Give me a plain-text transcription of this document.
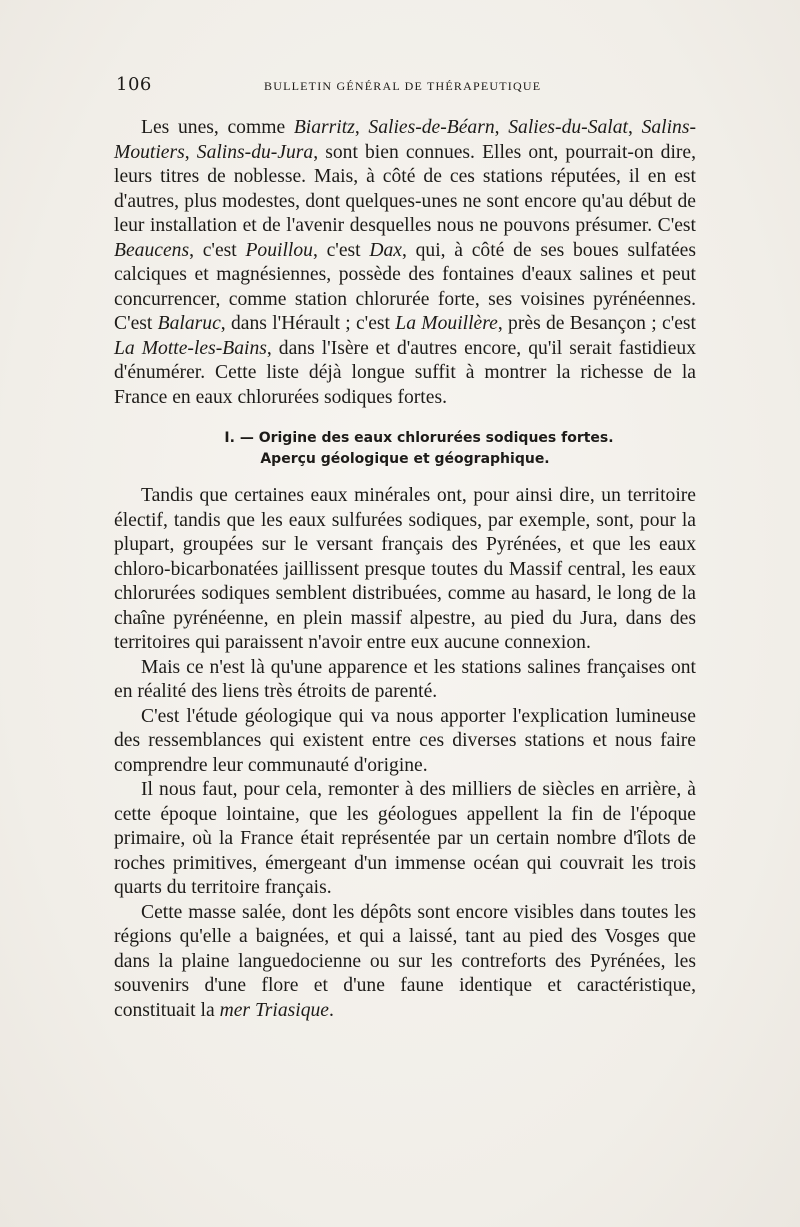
106	BULLETIN GÉNÉRAL DE THÉRAPEUTIQUE

Les unes, comme Biarritz, Salies-de-Béarn, Salies-du-Salat, Salins-Moutiers, Salins-du-Jura, sont bien connues. Elles ont, pourrait-on dire, leurs titres de noblesse. Mais, à côté de ces stations réputées, il en est d'autres, plus modestes, dont quelques-unes ne sont encore qu'au début de leur installation et de l'avenir desquelles nous ne pouvons présumer. C'est Beaucens, c'est Pouillou, c'est Dax, qui, à côté de ses boues sulfatées calciques et magnésiennes, possède des fontaines d'eaux salines et peut concurrencer, comme station chlorurée forte, ses voisines pyrénéennes. C'est Balaruc, dans l'Hérault ; c'est La Mouillère, près de Besançon ; c'est La Motte-les-Bains, dans l'Isère et d'autres encore, qu'il serait fastidieux d'énumérer. Cette liste déjà longue suffit à montrer la richesse de la France en eaux chlorurées sodiques fortes.

I. — Origine des eaux chlorurées sodiques fortes.
Aperçu géologique et géographique.

Tandis que certaines eaux minérales ont, pour ainsi dire, un territoire électif, tandis que les eaux sulfurées sodiques, par exemple, sont, pour la plupart, groupées sur le versant français des Pyrénées, et que les eaux chloro-bicarbonatées jaillissent presque toutes du Massif central, les eaux chlorurées sodiques semblent distribuées, comme au hasard, le long de la chaîne pyrénéenne, en plein massif alpestre, au pied du Jura, dans des territoires qui paraissent n'avoir entre eux aucune connexion.

Mais ce n'est là qu'une apparence et les stations salines françaises ont en réalité des liens très étroits de parenté.

C'est l'étude géologique qui va nous apporter l'explication lumineuse des ressemblances qui existent entre ces diverses stations et nous faire comprendre leur communauté d'origine.

Il nous faut, pour cela, remonter à des milliers de siècles en arrière, à cette époque lointaine, que les géologues appellent la fin de l'époque primaire, où la France était représentée par un certain nombre d'îlots de roches primitives, émergeant d'un immense océan qui couvrait les trois quarts du territoire français.

Cette masse salée, dont les dépôts sont encore visibles dans toutes les régions qu'elle a baignées, et qui a laissé, tant au pied des Vosges que dans la plaine languedocienne ou sur les contreforts des Pyrénées, les souvenirs d'une flore et d'une faune identique et caractéristique, constituait la mer Triasique.
